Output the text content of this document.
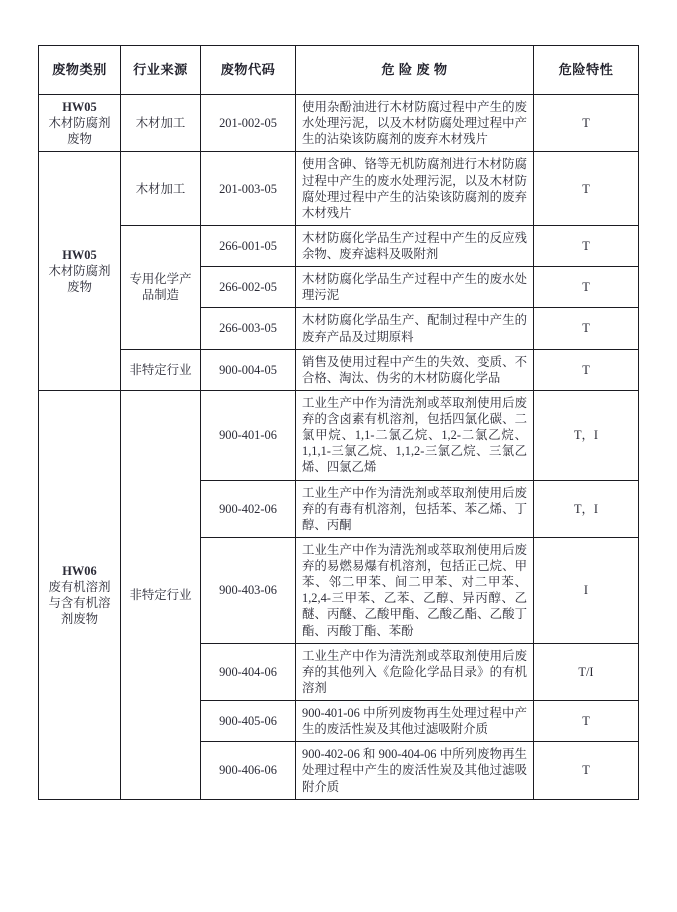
废物类别	行业来源	废物代码	危 险 废 物	危险特性

HW05
木材防腐剂废物	木材加工	201-002-05	使用杂酚油进行木材防腐过程中产生的废水处理污泥，以及木材防腐处理过程中产生的沾染该防腐剂的废弃木材残片	T

HW05
木材防腐剂废物	木材加工	201-003-05	使用含砷、铬等无机防腐剂进行木材防腐过程中产生的废水处理污泥，以及木材防腐处理过程中产生的沾染该防腐剂的废弃木材残片	T
	专用化学产品制造	266-001-05	木材防腐化学品生产过程中产生的反应残余物、废弃滤料及吸附剂	T
		266-002-05	木材防腐化学品生产过程中产生的废水处理污泥	T
		266-003-05	木材防腐化学品生产、配制过程中产生的废弃产品及过期原料	T
	非特定行业	900-004-05	销售及使用过程中产生的失效、变质、不合格、淘汰、伪劣的木材防腐化学品	T

HW06
废有机溶剂与含有机溶剂废物	非特定行业	900-401-06	工业生产中作为清洗剂或萃取剂使用后废弃的含卤素有机溶剂，包括四氯化碳、二氯甲烷、1,1-二氯乙烷、1,2-二氯乙烷、1,1,1-三氯乙烷、1,1,2-三氯乙烷、三氯乙烯、四氯乙烯	T，I
		900-402-06	工业生产中作为清洗剂或萃取剂使用后废弃的有毒有机溶剂，包括苯、苯乙烯、丁醇、丙酮	T，I
		900-403-06	工业生产中作为清洗剂或萃取剂使用后废弃的易燃易爆有机溶剂，包括正己烷、甲苯、邻二甲苯、间二甲苯、对二甲苯、1,2,4-三甲苯、乙苯、乙醇、异丙醇、乙醚、丙醚、乙酸甲酯、乙酸乙酯、乙酸丁酯、丙酸丁酯、苯酚	I
		900-404-06	工业生产中作为清洗剂或萃取剂使用后废弃的其他列入《危险化学品目录》的有机溶剂	T/I
		900-405-06	900-401-06 中所列废物再生处理过程中产生的废活性炭及其他过滤吸附介质	T
		900-406-06	900-402-06 和 900-404-06 中所列废物再生处理过程中产生的废活性炭及其他过滤吸附介质	T
